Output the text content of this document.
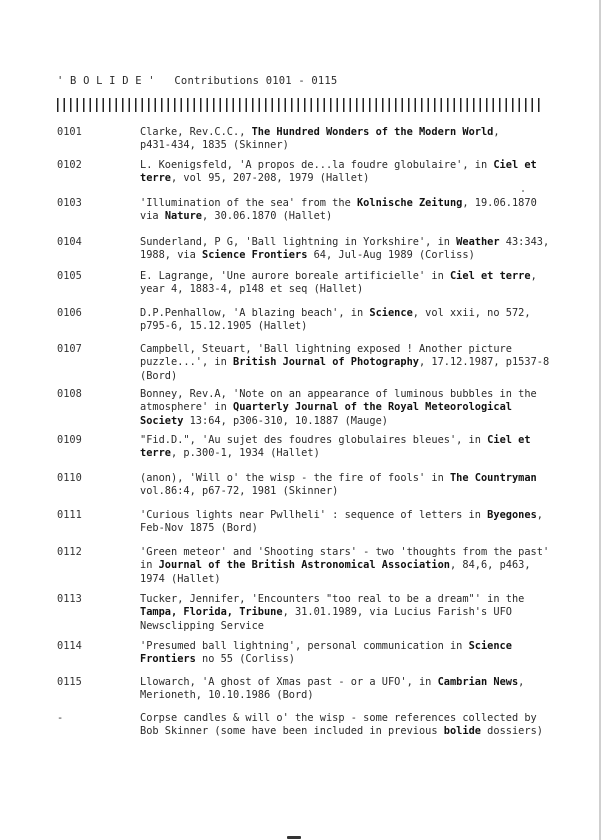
' B O L I D E ' Contributions 0101 - 0115
0101	Clarke, Rev.C.C., The Hundred Wonders of the Modern World,
p431-434, 1835 (Skinner)
0102	L. Koenigsfeld, 'A propos de...la foudre globulaire', in Ciel et
terre, vol 95, 207-208, 1979 (Hallet)
0103	'Illumination of the sea' from the Kolnische Zeitung, 19.06.1870
via Nature, 30.06.1870 (Hallet)
0104	Sunderland, P G, 'Ball lightning in Yorkshire', in Weather 43:343,
1988, via Science Frontiers 64, Jul-Aug 1989 (Corliss)
0105	E. Lagrange, 'Une aurore boreale artificielle' in Ciel et terre,
year 4, 1883-4, p148 et seq (Hallet)
0106	D.P.Penhallow, 'A blazing beach', in Science, vol xxii, no 572,
p795-6, 15.12.1905 (Hallet)
0107	Campbell, Steuart, 'Ball lightning exposed ! Another picture
puzzle...', in British Journal of Photography, 17.12.1987, p1537-8
(Bord)
0108	Bonney, Rev.A, 'Note on an appearance of luminous bubbles in the
atmosphere' in Quarterly Journal of the Royal Meteorological
Society 13:64, p306-310, 10.1887 (Mauge)
0109	"Fid.D.", 'Au sujet des foudres globulaires bleues', in Ciel et
terre, p.300-1, 1934 (Hallet)
0110	(anon), 'Will o' the wisp - the fire of fools' in The Countryman
vol.86:4, p67-72, 1981 (Skinner)
0111	'Curious lights near Pwllheli' : sequence of letters in Byegones,
Feb-Nov 1875 (Bord)
0112	'Green meteor' and 'Shooting stars' - two 'thoughts from the past'
in Journal of the British Astronomical Association, 84,6, p463,
1974 (Hallet)
0113	Tucker, Jennifer, 'Encounters "too real to be a dream"' in the
Tampa, Florida, Tribune, 31.01.1989, via Lucius Farish's UFO
Newsclipping Service
0114	'Presumed ball lightning', personal communication in Science
Frontiers no 55 (Corliss)
0115	Llowarch, 'A ghost of Xmas past - or a UFO', in Cambrian News,
Merioneth, 10.10.1986 (Bord)
-	Corpse candles & will o' the wisp - some references collected by
Bob Skinner (some have been included in previous bolide dossiers)
